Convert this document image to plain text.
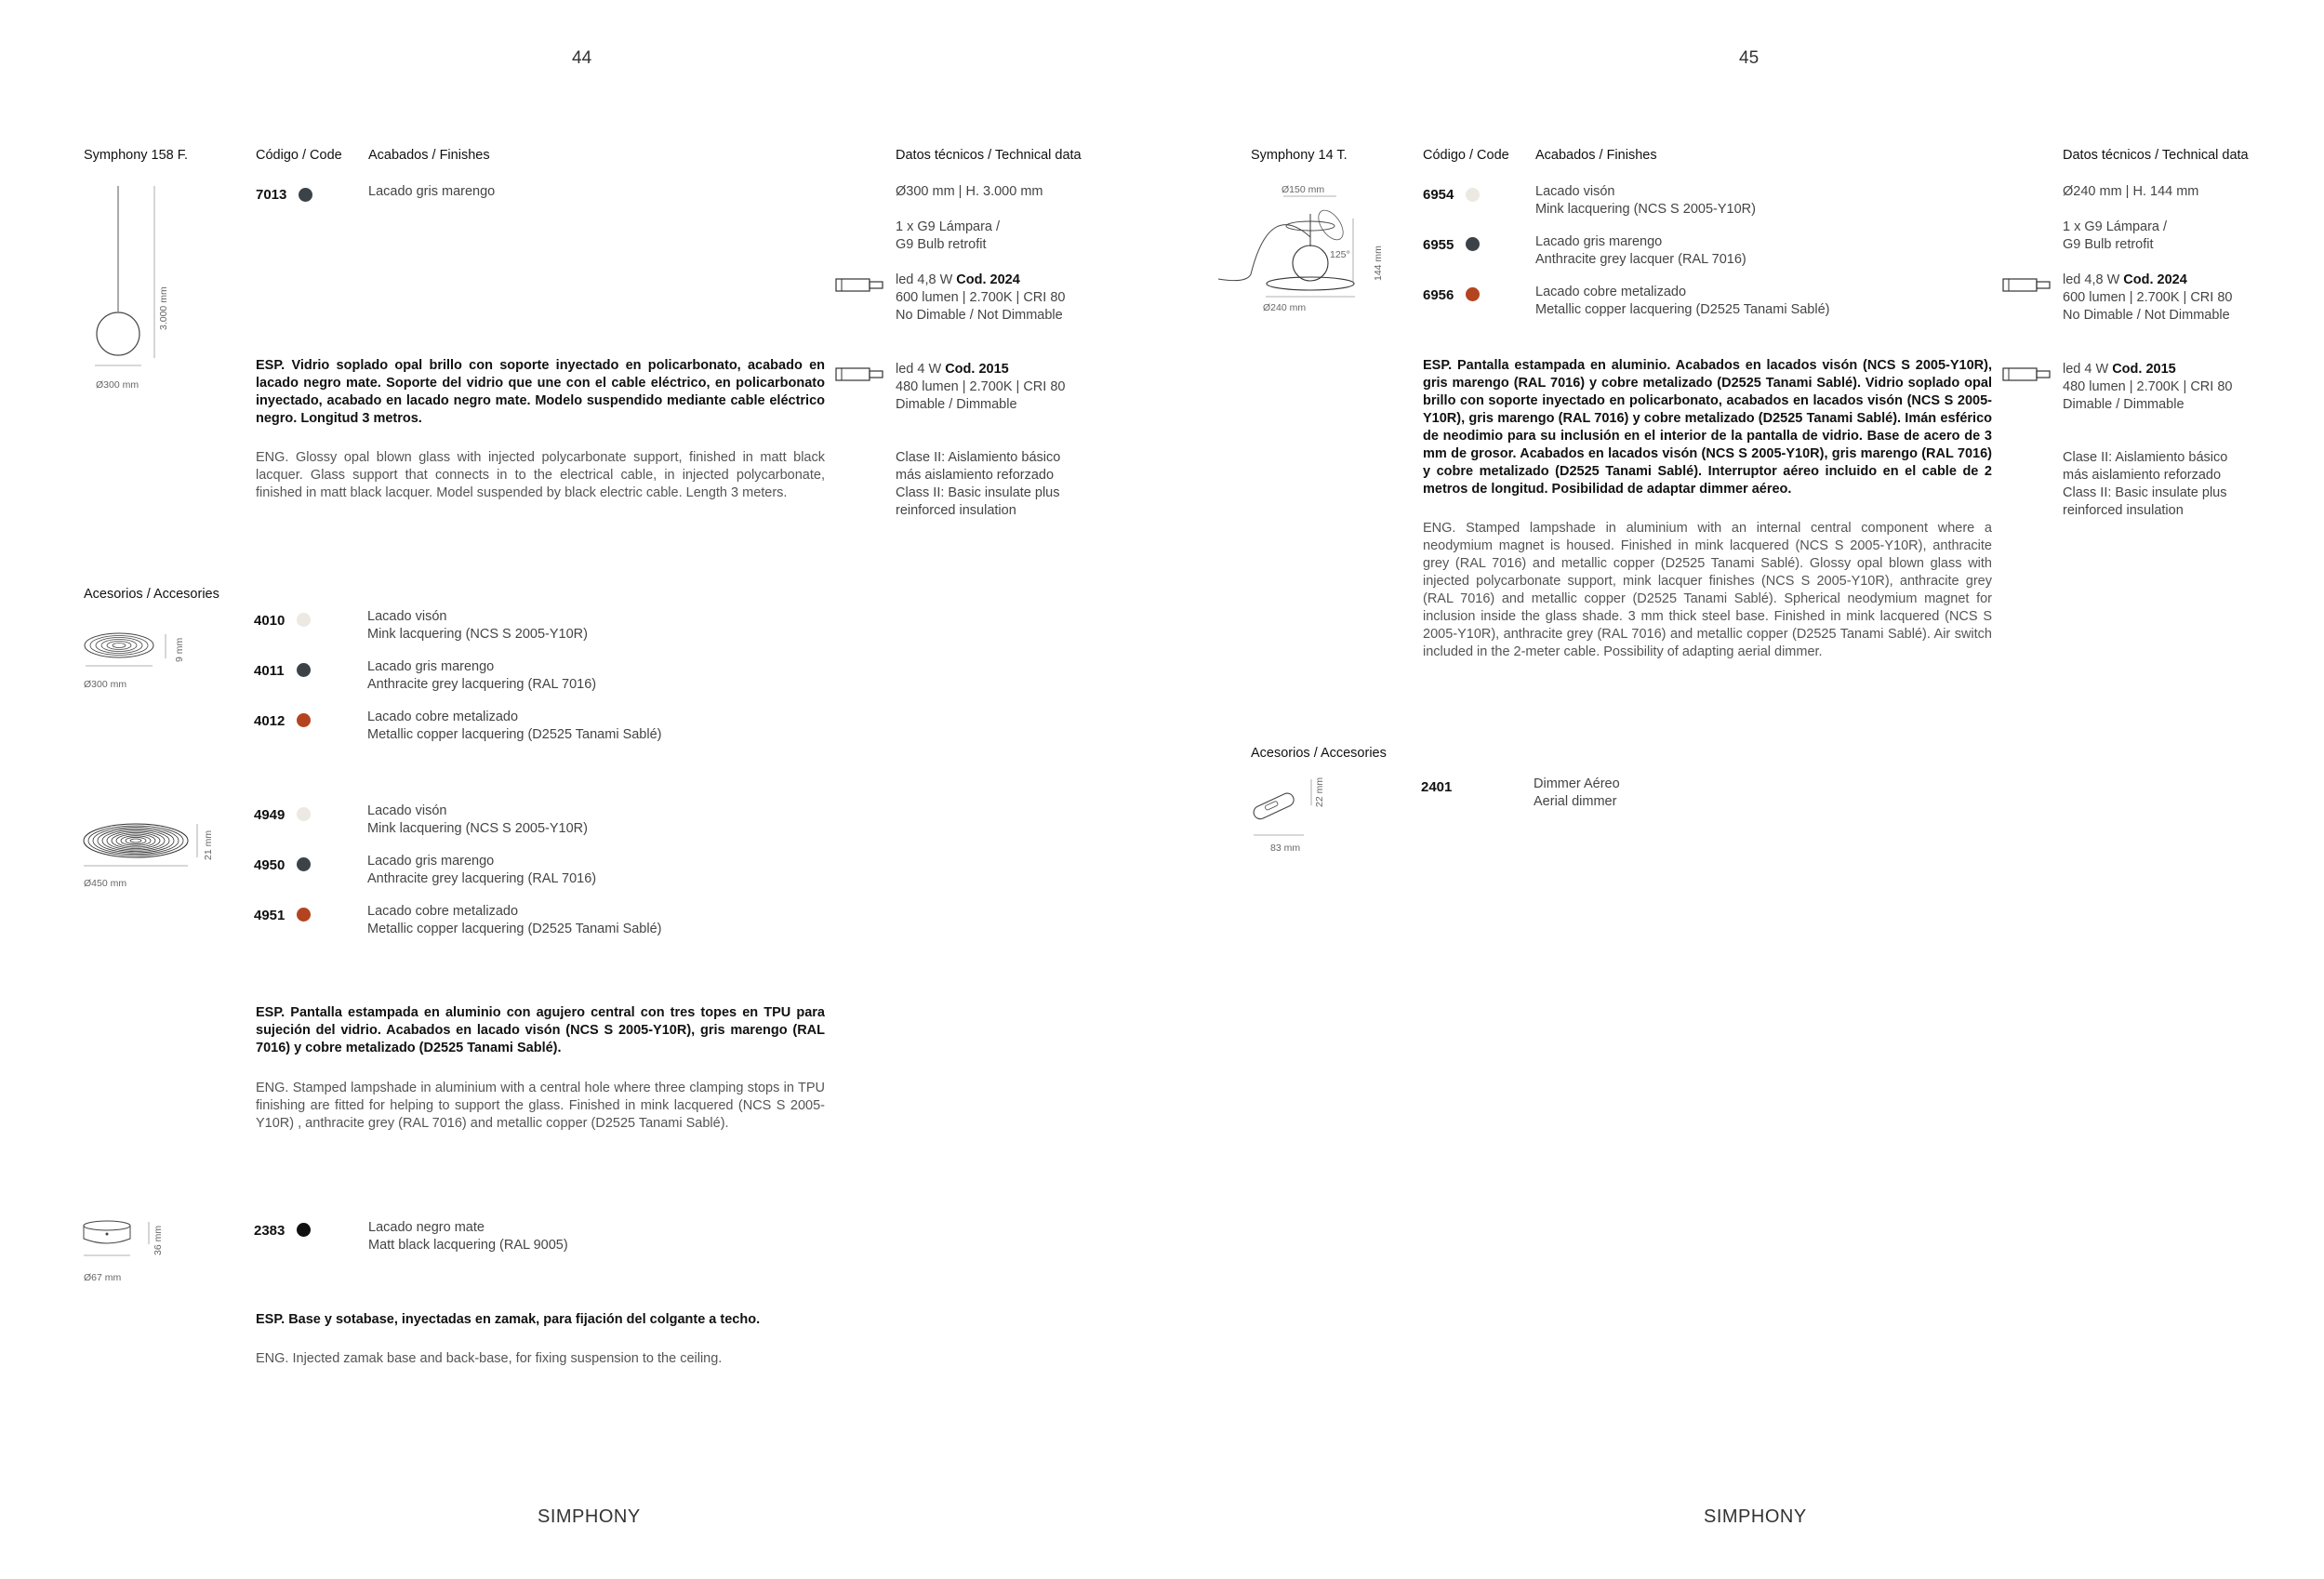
44
Symphony 158 F.	Código / Code Acabados / Finishes	Datos técnicos / Technical data
3.000 mm
Ø300 mm
7013	Lacado gris marengo	Ø300 mm | H. 3.000 mm
1 x G9 Lámpara /
G9 Bulb retrofit
led 4,8 W Cod. 2024
600 lumen | 2.700K | CRI 80
No Dimable / Not Dimmable
led 4 W Cod. 2015
480 lumen | 2.700K | CRI 80
Dimable / Dimmable
Clase II: Aislamiento básico
más aislamiento reforzado
Class II: Basic insulate plus
reinforced insulation
ESP. Vidrio soplado opal brillo con soporte inyectado en policarbonato, acabado en lacado negro mate. Soporte del vidrio que une con el cable eléctrico, en policarbonato inyectado, acabado en lacado negro mate. Modelo suspendido mediante cable eléctrico negro. Longitud 3 metros.
ENG. Glossy opal blown glass with injected polycarbonate support, finished in matt black lacquer. Glass support that connects in to the electrical cable, in injected polycarbonate, finished in matt black lacquer. Model suspended by black electric cable. Length 3 meters.
Acesorios / Accesories
9 mm
Ø300 mm
4010	Lacado visón
Mink lacquering (NCS S 2005-Y10R)
4011	Lacado gris marengo
Anthracite grey lacquering (RAL 7016)
4012	Lacado cobre metalizado
Metallic copper lacquering (D2525 Tanami Sablé)
21 mm
Ø450 mm
4949	Lacado visón
Mink lacquering (NCS S 2005-Y10R)
4950	Lacado gris marengo
Anthracite grey lacquering (RAL 7016)
4951	Lacado cobre metalizado
Metallic copper lacquering (D2525 Tanami Sablé)
ESP. Pantalla estampada en aluminio con agujero central con tres topes en TPU para sujeción del vidrio. Acabados en lacado visón (NCS S 2005-Y10R), gris marengo (RAL 7016) y cobre metalizado (D2525 Tanami Sablé).
ENG. Stamped lampshade in aluminium with a central hole where three clamping stops in TPU finishing are fitted for helping to support the glass. Finished in mink lacquered (NCS S 2005-Y10R) , anthracite grey (RAL 7016) and metallic copper (D2525 Tanami Sablé).
36 mm
Ø67 mm
2383	Lacado negro mate
Matt black lacquering (RAL 9005)
ESP. Base y sotabase, inyectadas en zamak, para fijación del colgante a techo.
ENG. Injected zamak base and back-base, for fixing suspension to the ceiling.
SIMPHONY
45
Symphony 14 T.	Código / Code Acabados / Finishes	Datos técnicos / Technical data
Ø150 mm
125° 144 mm
Ø240 mm
6954	Lacado visón
Mink lacquering (NCS S 2005-Y10R)
6955	Lacado gris marengo
Anthracite grey lacquer (RAL 7016)
6956	Lacado cobre metalizado
Metallic copper lacquering (D2525 Tanami Sablé)
Ø240 mm | H. 144 mm
1 x G9 Lámpara /
G9 Bulb retrofit
led 4,8 W Cod. 2024
600 lumen | 2.700K | CRI 80
No Dimable / Not Dimmable
led 4 W Cod. 2015
480 lumen | 2.700K | CRI 80
Dimable / Dimmable
Clase II: Aislamiento básico
más aislamiento reforzado
Class II: Basic insulate plus
reinforced insulation
ESP. Pantalla estampada en aluminio. Acabados en lacados visón (NCS S 2005-Y10R), gris marengo (RAL 7016) y cobre metalizado (D2525 Tanami Sablé). Vidrio soplado opal brillo con soporte inyectado en policarbonato, acabados en lacados visón (NCS S 2005-Y10R), gris marengo (RAL 7016) y cobre metalizado (D2525 Tanami Sablé). Imán esférico de neodimio para su inclusión en el interior de la pantalla de vidrio. Base de acero de 3 mm de grosor. Acabados en lacados visón (NCS S 2005-Y10R), gris marengo (RAL 7016) y cobre metalizado (D2525 Tanami Sablé). Interruptor aéreo incluido en el cable de 2 metros de longitud. Posibilidad de adaptar dimmer aéreo.
ENG. Stamped lampshade in aluminium with an internal central component where a neodymium magnet is housed. Finished in mink lacquered (NCS S 2005-Y10R), anthracite grey (RAL 7016) and metallic copper (D2525 Tanami Sablé). Glossy opal blown glass with injected polycarbonate support, mink lacquer finishes (NCS S 2005-Y10R), anthracite grey (RAL 7016) and metallic copper (D2525 Tanami Sablé). Spherical neodymium magnet for inclusion inside the glass shade. 3 mm thick steel base. Finished in mink lacquered (NCS S 2005-Y10R), anthracite grey (RAL 7016) and metallic copper (D2525 Tanami Sablé). Air switch included in the 2-meter cable. Possibility of adapting aerial dimmer.
Acesorios / Accesories
22 mm
83 mm
2401	Dimmer Aéreo
Aerial dimmer
SIMPHONY
